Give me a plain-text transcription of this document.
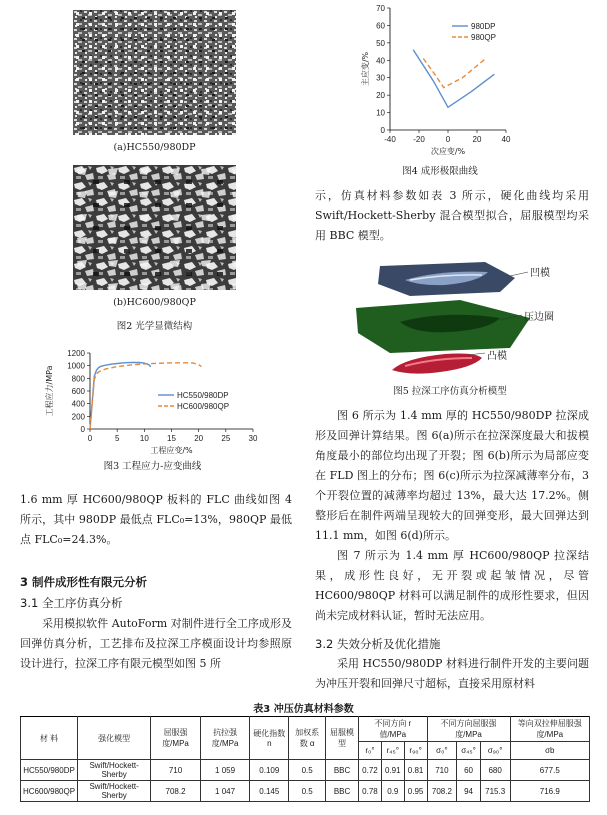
(a)HC550/980DP
(b)HC600/980QP
图2 光学显微结构
0	5	10 15 20 25 30
0
200
400
600
800
1000
1200
工程应变/%
工程应力/MPa	HC550/980DP
HC600/980QP
图3 工程应力-应变曲线

1.6 mm 厚 HC600/980QP 板料的 FLC 曲线如图 4 所示，其中 980DP 最低点 FLC₀=13%，980QP 最低点 FLC₀=24.3%。

3 制件成形性有限元分析
3.1 全工序仿真分析

采用模拟软件 AutoForm 对制件进行全工序成形及回弹仿真分析，工艺排布及拉深工序模面设计均参照原设计进行，拉深工序有限元模型如图 5 所

-40 -20	0	20	40
0
10
20
30
40
50
60
70
次应变/%
主应变/%
980DP
980QP
图4 成形极限曲线

示，仿真材料参数如表 3 所示，硬化曲线均采用 Swift/Hockett-Sherby 混合模型拟合，屈服模型均采用 BBC 模型。

凹模
压边圈
凸模
图5 拉深工序仿真分析模型

图 6 所示为 1.4 mm 厚的 HC550/980DP 拉深成形及回弹计算结果。图 6(a)所示在拉深深度最大和拔模角度最小的部位均出现了开裂；图 6(b)所示为局部应变在 FLD 图上的分布；图 6(c)所示为拉深减薄率分布，3 个开裂位置的减薄率均超过 13%，最大达 17.2%。侧整形后在制件两端呈现较大的回弹变形，最大回弹达到 11.1 mm，如图 6(d)所示。

图 7 所示为 1.4 mm 厚 HC600/980QP 拉深结果，成形性良好，无开裂或起皱情况，尽管 HC600/980QP 材料可以满足制件的成形性要求，但因尚未完成材料认证，暂时无法应用。

3.2 失效分析及优化措施

采用 HC550/980DP 材料进行制件开发的主要问题为冲压开裂和回弹尺寸超标，直接采用原材料

表3 冲压仿真材料参数
材 料	强化模型	屈服强度/MPa	抗拉强度/MPa	硬化指数 n	加权系数 α	屈服模型	不同方向 r 值/MPa			不同方向屈服强度/MPa			等向双拉伸屈服强度/MPa
							r₀°	r₄₅°	r₉₀°	σ₀°	σ₄₅°	σ₉₀°	σb
HC550/980DP	Swift/Hockett-Sherby	710	1 059	0.109	0.5	BBC	0.72	0.91	0.81	710	60	680	677.5
HC600/980QP	Swift/Hockett-Sherby	708.2	1 047	0.145	0.5	BBC	0.78	0.9	0.95	708.2	94	715.3	716.9
